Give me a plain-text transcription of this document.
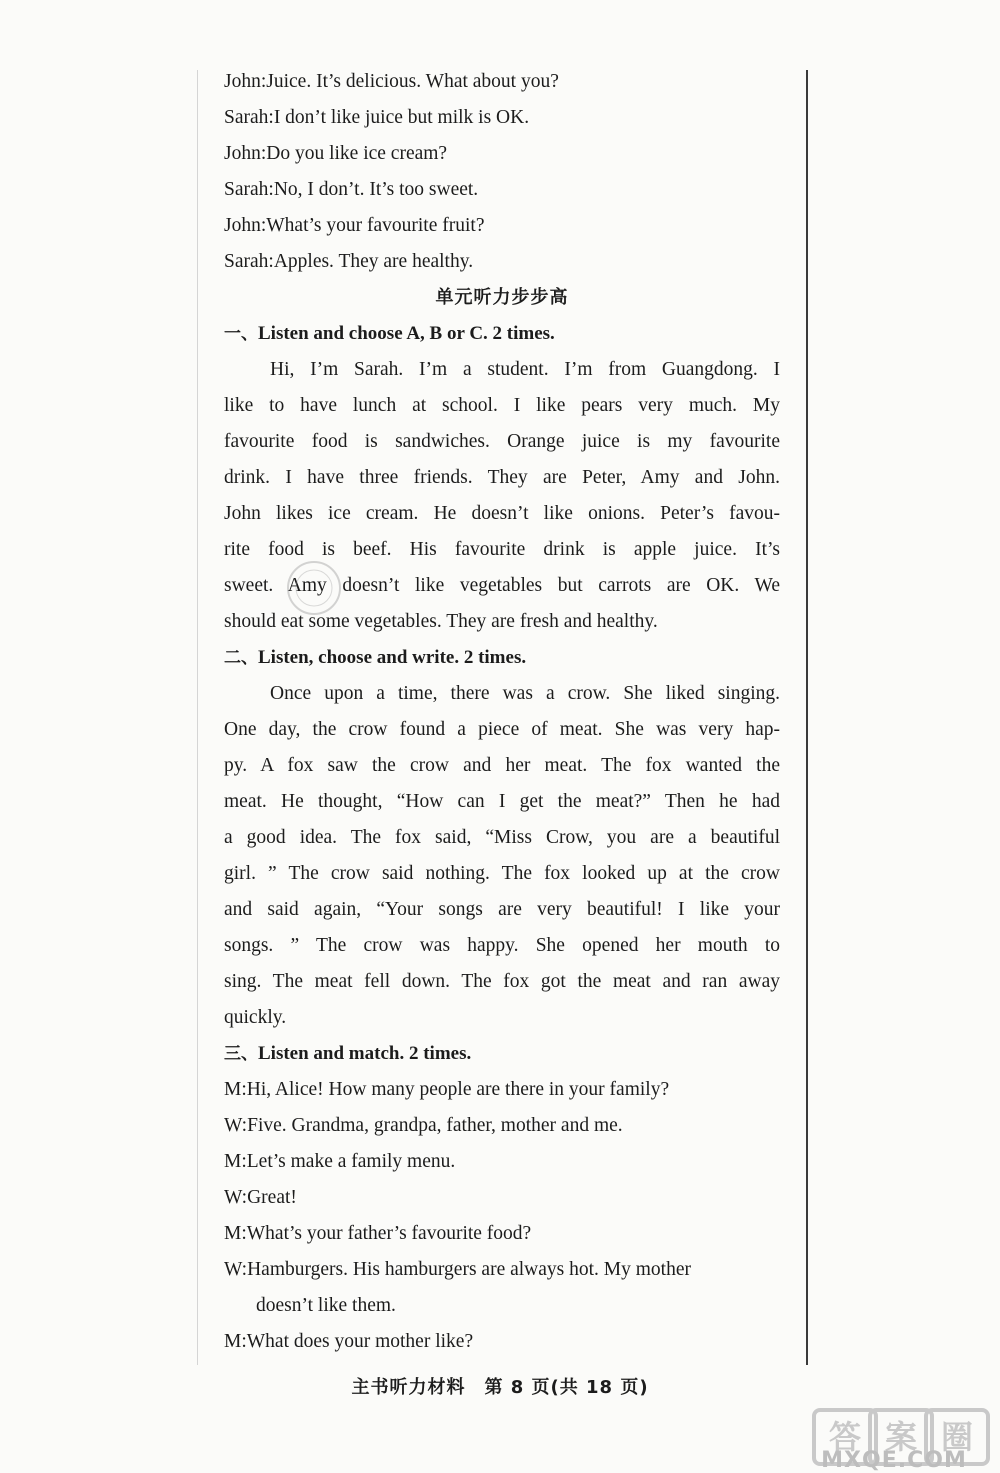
John:Juice. It’s delicious. What about you?
Sarah:I don’t like juice but milk is OK.
John:Do you like ice cream?
Sarah:No, I don’t. It’s too sweet.
John:What’s your favourite fruit?
Sarah:Apples. They are healthy.
单元听力步步高
一、Listen and choose A, B or C. 2 times.
Hi, I’m Sarah. I’m a student. I’m from Guangdong. I
like to have lunch at school. I like pears very much. My
favourite food is sandwiches. Orange juice is my favourite
drink. I have three friends. They are Peter, Amy and John.
John likes ice cream. He doesn’t like onions. Peter’s favou-
rite food is beef. His favourite drink is apple juice. It’s
sweet. Amy doesn’t like vegetables but carrots are OK. We
should eat some vegetables. They are fresh and healthy.
二、Listen, choose and write. 2 times.
Once upon a time, there was a crow. She liked singing.
One day, the crow found a piece of meat. She was very hap-
py. A fox saw the crow and her meat. The fox wanted the
meat. He thought, “How can I get the meat?” Then he had
a good idea. The fox said, “Miss Crow, you are a beautiful
girl. ” The crow said nothing. The fox looked up at the crow
and said again, “Your songs are very beautiful! I like your
songs. ” The crow was happy. She opened her mouth to
sing. The meat fell down. The fox got the meat and ran away
quickly.
三、Listen and match. 2 times.
M:Hi, Alice! How many people are there in your family?
W:Five. Grandma, grandpa, father, mother and me.
M:Let’s make a family menu.
W:Great!
M:What’s your father’s favourite food?
W:Hamburgers. His hamburgers are always hot. My mother
doesn’t like them.
M:What does your mother like?
主书听力材料　第 8 页(共 18 页)
答 案 圈
MXQE.COM
